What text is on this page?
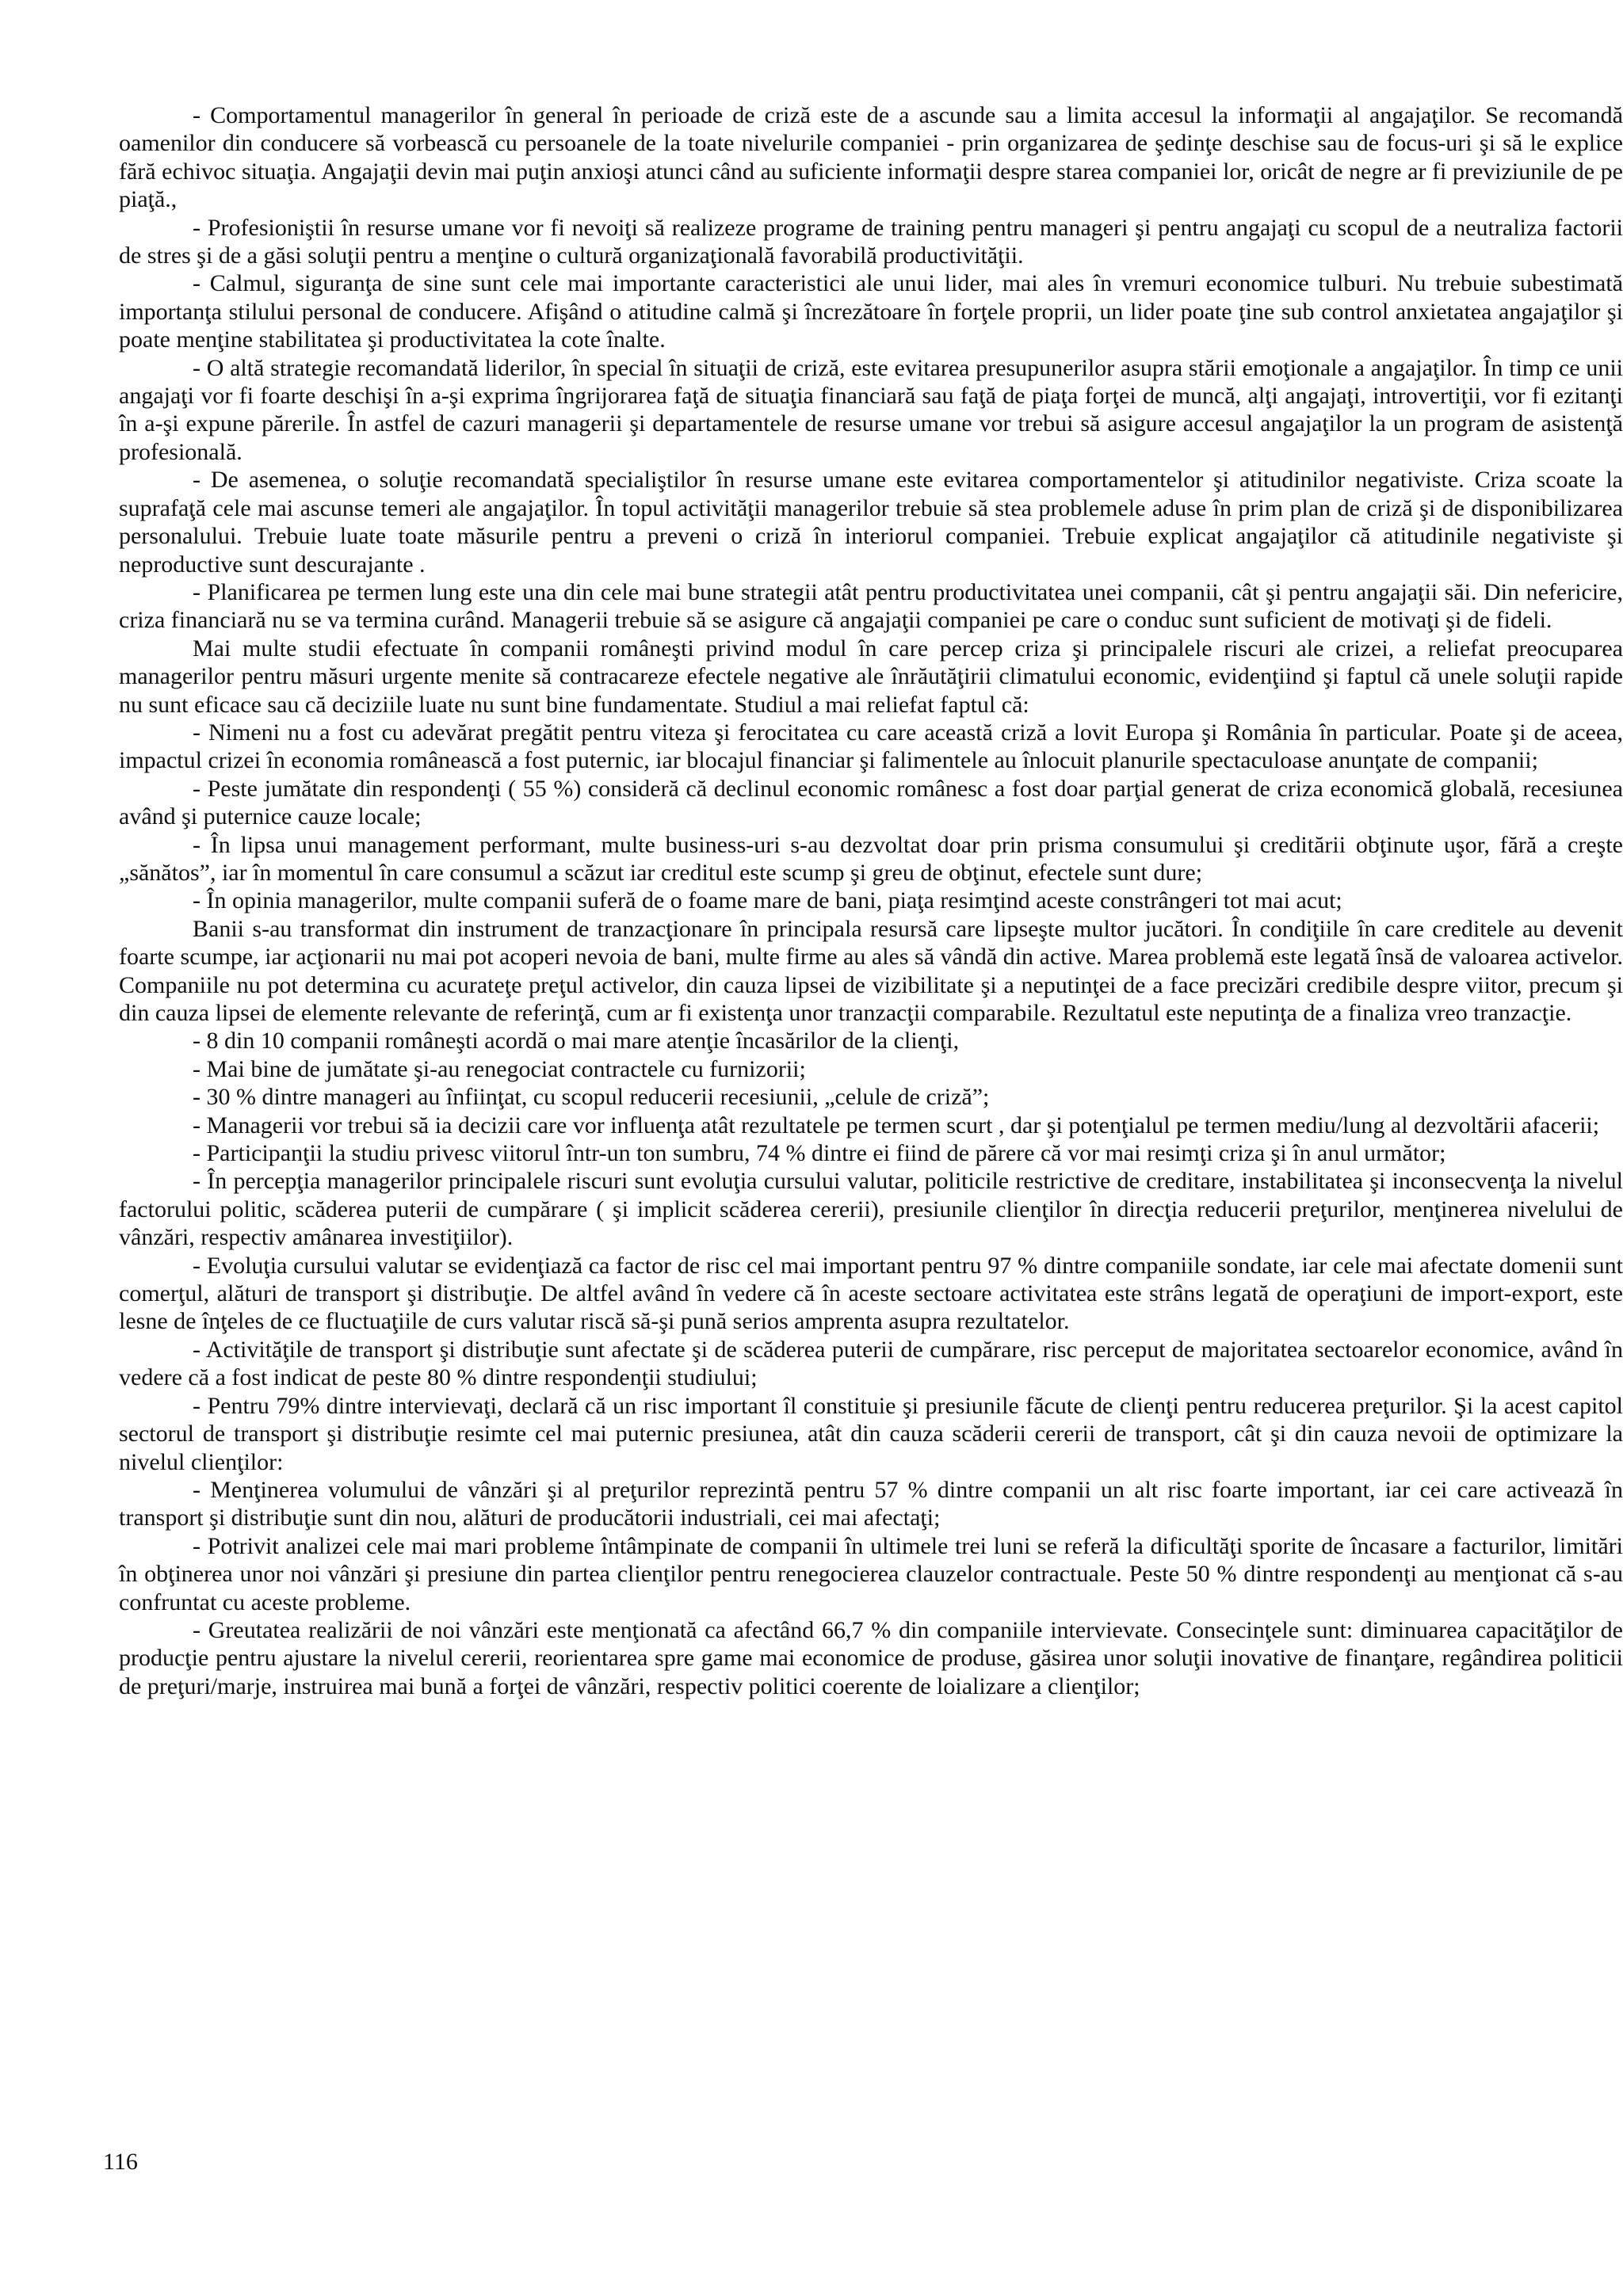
- Comportamentul managerilor în general în perioade de criză este de a ascunde sau a limita accesul la informaţii al angajaţilor. Se recomandă oamenilor din conducere să vorbească cu persoanele de la toate nivelurile companiei - prin organizarea de şedinţe deschise sau de focus-uri şi să le explice fără echivoc situaţia. Angajaţii devin mai puţin anxioşi atunci când au suficiente informaţii despre starea companiei lor, oricât de negre ar fi previziunile de pe piaţă.,

- Profesioniştii în resurse umane vor fi nevoiţi să realizeze programe de training pentru manageri şi pentru angajaţi cu scopul de a neutraliza factorii de stres şi de a găsi soluţii pentru a menţine o cultură organizaţională favorabilă productivităţii.

- Calmul, siguranţa de sine sunt cele mai importante caracteristici ale unui lider, mai ales în vremuri economice tulburi. Nu trebuie subestimată importanţa stilului personal de conducere. Afişând o atitudine calmă şi încrezătoare în forţele proprii, un lider poate ţine sub control anxietatea angajaţilor şi poate menţine stabilitatea şi productivitatea la cote înalte.

- O altă strategie recomandată liderilor, în special în situaţii de criză, este evitarea presupunerilor asupra stării emoţionale a angajaţilor. În timp ce unii angajaţi vor fi foarte deschişi în a-şi exprima îngrijorarea faţă de situaţia financiară sau faţă de piaţa forţei de muncă, alţi angajaţi, introvertiţii, vor fi ezitanţi în a-şi expune părerile. În astfel de cazuri managerii şi departamentele de resurse umane vor trebui să asigure accesul angajaţilor la un program de asistenţă profesională.

- De asemenea, o soluţie recomandată specialiştilor în resurse umane este evitarea comportamentelor şi atitudinilor negativiste. Criza scoate la suprafaţă cele mai ascunse temeri ale angajaţilor. În topul activităţii managerilor trebuie să stea problemele aduse în prim plan de criză şi de disponibilizarea personalului. Trebuie luate toate măsurile pentru a preveni o criză în interiorul companiei. Trebuie explicat angajaţilor că atitudinile negativiste şi neproductive sunt descurajante .

- Planificarea pe termen lung este una din cele mai bune strategii atât pentru productivitatea unei companii, cât şi pentru angajaţii săi. Din nefericire, criza financiară nu se va termina curând. Managerii trebuie să se asigure că angajaţii companiei pe care o conduc sunt suficient de motivaţi şi de fideli.

Mai multe studii efectuate în companii româneşti privind modul în care percep criza şi principalele riscuri ale crizei, a reliefat preocuparea managerilor pentru măsuri urgente menite să contracareze efectele negative ale înrăutăţirii climatului economic, evidenţiind şi faptul că unele soluţii rapide nu sunt eficace sau că deciziile luate nu sunt bine fundamentate. Studiul a mai reliefat faptul că:

- Nimeni nu a fost cu adevărat pregătit pentru viteza şi ferocitatea cu care această criză a lovit Europa şi România în particular. Poate şi de aceea, impactul crizei în economia românească a fost puternic, iar blocajul financiar şi falimentele au înlocuit planurile spectaculoase anunţate de companii;

- Peste jumătate din respondenţi ( 55 %) consideră că declinul economic românesc a fost doar parţial generat de criza economică globală, recesiunea având şi puternice cauze locale;

- În lipsa unui management performant, multe business-uri s-au dezvoltat doar prin prisma consumului şi creditării obţinute uşor, fără a creşte „sănătos”, iar în momentul în care consumul a scăzut iar creditul este scump şi greu de obţinut, efectele sunt dure;

- În opinia managerilor, multe companii suferă de o foame mare de bani, piaţa resimţind aceste constrângeri tot mai acut;

Banii s-au transformat din instrument de tranzacţionare în principala resursă care lipseşte multor jucători. În condiţiile în care creditele au devenit foarte scumpe, iar acţionarii nu mai pot acoperi nevoia de bani, multe firme au ales să vândă din active. Marea problemă este legată însă de valoarea activelor. Companiile nu pot determina cu acurateţe preţul activelor, din cauza lipsei de vizibilitate şi a neputinţei de a face precizări credibile despre viitor, precum şi din cauza lipsei de elemente relevante de referinţă, cum ar fi existenţa unor tranzacţii comparabile. Rezultatul este neputinţa de a finaliza vreo tranzacţie.

- 8 din 10 companii româneşti acordă o mai mare atenţie încasărilor de la clienţi,

- Mai bine de jumătate şi-au renegociat contractele cu furnizorii;

- 30 % dintre manageri au înfiinţat, cu scopul reducerii recesiunii, „celule de criză”;

- Managerii vor trebui să ia decizii care vor influenţa atât rezultatele pe termen scurt , dar şi potenţialul pe termen mediu/lung al dezvoltării afacerii;

- Participanţii la studiu privesc viitorul într-un ton sumbru, 74 % dintre ei fiind de părere că vor mai resimţi criza şi în anul următor;

- În percepţia managerilor principalele riscuri sunt evoluţia cursului valutar, politicile restrictive de creditare, instabilitatea şi inconsecvenţa la nivelul factorului politic, scăderea puterii de cumpărare ( şi implicit scăderea cererii), presiunile clienţilor în direcţia reducerii preţurilor, menţinerea nivelului de vânzări, respectiv amânarea investiţiilor).

- Evoluţia cursului valutar se evidenţiază ca factor de risc cel mai important pentru 97 % dintre companiile sondate, iar cele mai afectate domenii sunt comerţul, alături de transport şi distribuţie. De altfel având în vedere că în aceste sectoare activitatea este strâns legată de operaţiuni de import-export, este lesne de înţeles de ce fluctuaţiile de curs valutar riscă să-şi pună serios amprenta asupra rezultatelor.

- Activităţile de transport şi distribuţie sunt afectate şi de scăderea puterii de cumpărare, risc perceput de majoritatea sectoarelor economice, având în vedere că a fost indicat de peste 80 % dintre respondenţii studiului;

- Pentru 79% dintre intervievaţi, declară că un risc important îl constituie şi presiunile făcute de clienţi pentru reducerea preţurilor. Şi la acest capitol sectorul de transport şi distribuţie resimte cel mai puternic presiunea, atât din cauza scăderii cererii de transport, cât şi din cauza nevoii de optimizare la nivelul clienţilor:

- Menţinerea volumului de vânzări şi al preţurilor reprezintă pentru 57 % dintre companii un alt risc foarte important, iar cei care activează în transport şi distribuţie sunt din nou, alături de producătorii industriali, cei mai afectaţi;

- Potrivit analizei cele mai mari probleme întâmpinate de companii în ultimele trei luni se referă la dificultăţi sporite de încasare a facturilor, limitări în obţinerea unor noi vânzări şi presiune din partea clienţilor pentru renegocierea clauzelor contractuale. Peste 50 % dintre respondenţi au menţionat că s-au confruntat cu aceste probleme.

- Greutatea realizării de noi vânzări este menţionată ca afectând 66,7 % din companiile intervievate. Consecinţele sunt: diminuarea capacităţilor de producţie pentru ajustare la nivelul cererii, reorientarea spre game mai economice de produse, găsirea unor soluţii inovative de finanţare, regândirea politicii de preţuri/marje, instruirea mai bună a forţei de vânzări, respectiv politici coerente de loializare a clienţilor;

116
